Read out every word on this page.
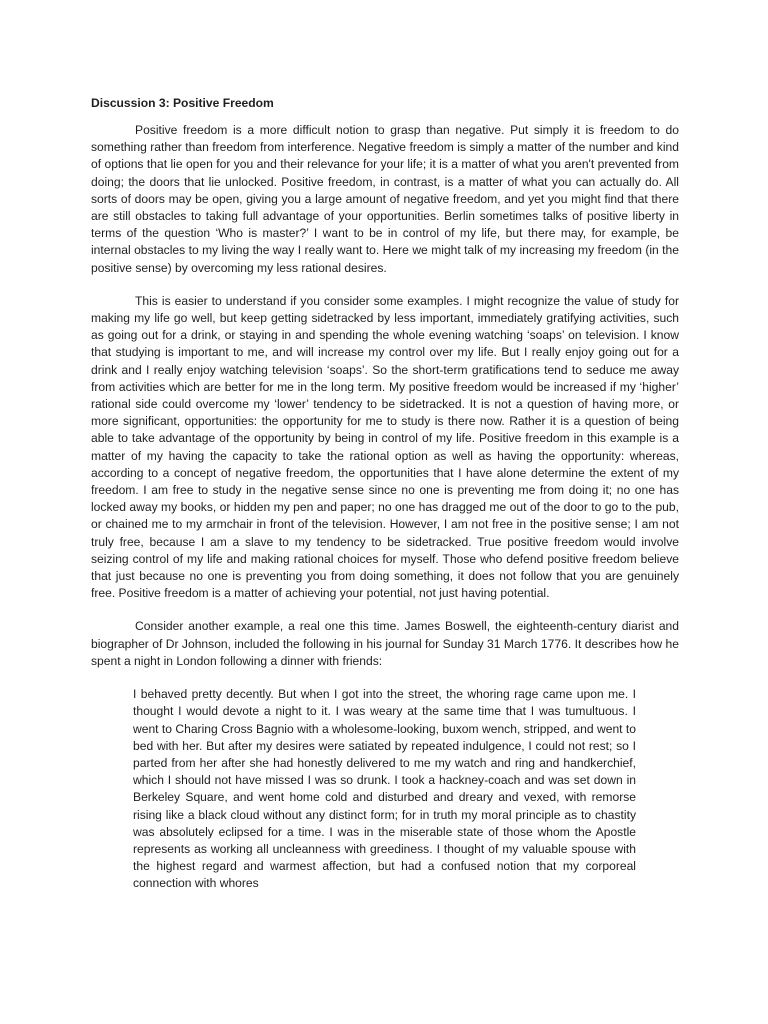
Discussion 3: Positive Freedom

Positive freedom is a more difficult notion to grasp than negative. Put simply it is freedom to do something rather than freedom from interference. Negative freedom is simply a matter of the number and kind of options that lie open for you and their relevance for your life; it is a matter of what you aren't prevented from doing; the doors that lie unlocked. Positive freedom, in contrast, is a matter of what you can actually do. All sorts of doors may be open, giving you a large amount of negative freedom, and yet you might find that there are still obstacles to taking full advantage of your opportunities. Berlin sometimes talks of positive liberty in terms of the question ‘Who is master?’ I want to be in control of my life, but there may, for example, be internal obstacles to my living the way I really want to. Here we might talk of my increasing my freedom (in the positive sense) by overcoming my less rational desires.

This is easier to understand if you consider some examples. I might recognize the value of study for making my life go well, but keep getting sidetracked by less important, immediately gratifying activities, such as going out for a drink, or staying in and spending the whole evening watching ‘soaps’ on television. I know that studying is important to me, and will increase my control over my life. But I really enjoy going out for a drink and I really enjoy watching television ‘soaps’. So the short-term gratifications tend to seduce me away from activities which are better for me in the long term. My positive freedom would be increased if my ‘higher’ rational side could overcome my ‘lower’ tendency to be sidetracked. It is not a question of having more, or more significant, opportunities: the opportunity for me to study is there now. Rather it is a question of being able to take advantage of the opportunity by being in control of my life. Positive freedom in this example is a matter of my having the capacity to take the rational option as well as having the opportunity: whereas, according to a concept of negative freedom, the opportunities that I have alone determine the extent of my freedom. I am free to study in the negative sense since no one is preventing me from doing it; no one has locked away my books, or hidden my pen and paper; no one has dragged me out of the door to go to the pub, or chained me to my armchair in front of the television. However, I am not free in the positive sense; I am not truly free, because I am a slave to my tendency to be sidetracked. True positive freedom would involve seizing control of my life and making rational choices for myself. Those who defend positive freedom believe that just because no one is preventing you from doing something, it does not follow that you are genuinely free. Positive freedom is a matter of achieving your potential, not just having potential.

Consider another example, a real one this time. James Boswell, the eighteenth-century diarist and biographer of Dr Johnson, included the following in his journal for Sunday 31 March 1776. It describes how he spent a night in London following a dinner with friends:

I behaved pretty decently. But when I got into the street, the whoring rage came upon me. I thought I would devote a night to it. I was weary at the same time that I was tumultuous. I went to Charing Cross Bagnio with a wholesome-looking, buxom wench, stripped, and went to bed with her. But after my desires were satiated by repeated indulgence, I could not rest; so I parted from her after she had honestly delivered to me my watch and ring and handkerchief, which I should not have missed I was so drunk. I took a hackney-coach and was set down in Berkeley Square, and went home cold and disturbed and dreary and vexed, with remorse rising like a black cloud without any distinct form; for in truth my moral principle as to chastity was absolutely eclipsed for a time. I was in the miserable state of those whom the Apostle represents as working all uncleanness with greediness. I thought of my valuable spouse with the highest regard and warmest affection, but had a confused notion that my corporeal connection with whores
